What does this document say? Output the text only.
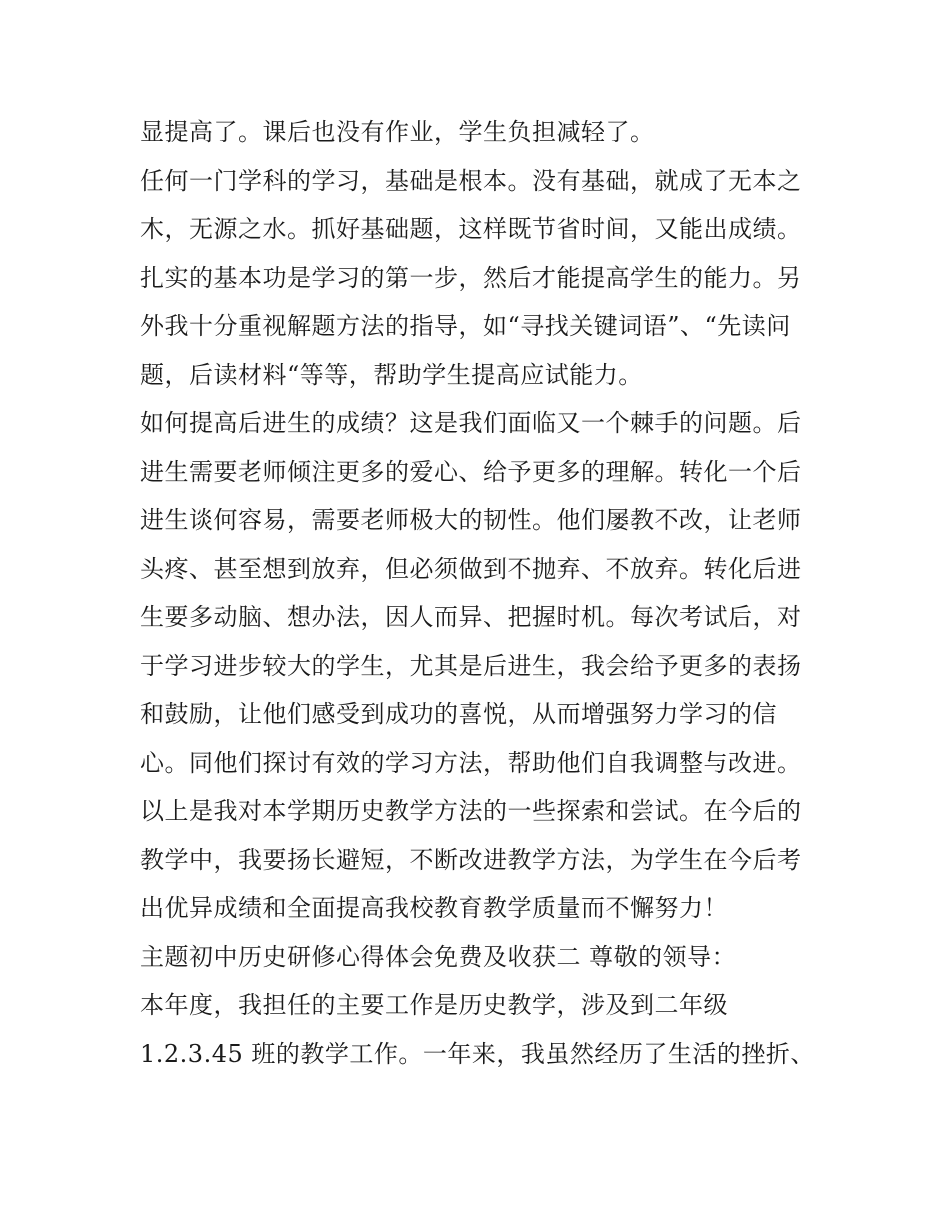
显提高了。课后也没有作业，学生负担减轻了。
任何一门学科的学习，基础是根本。没有基础，就成了无本之
木，无源之水。抓好基础题，这样既节省时间，又能出成绩。
扎实的基本功是学习的第一步，然后才能提高学生的能力。另
外我十分重视解题方法的指导，如“寻找关键词语”、“先读问
题，后读材料“等等，帮助学生提高应试能力。
如何提高后进生的成绩？这是我们面临又一个棘手的问题。后
进生需要老师倾注更多的爱心、给予更多的理解。转化一个后
进生谈何容易，需要老师极大的韧性。他们屡教不改，让老师
头疼、甚至想到放弃，但必须做到不抛弃、不放弃。转化后进
生要多动脑、想办法，因人而异、把握时机。每次考试后，对
于学习进步较大的学生，尤其是后进生，我会给予更多的表扬
和鼓励，让他们感受到成功的喜悦，从而增强努力学习的信
心。同他们探讨有效的学习方法，帮助他们自我调整与改进。
以上是我对本学期历史教学方法的一些探索和尝试。在今后的
教学中，我要扬长避短，不断改进教学方法，为学生在今后考
出优异成绩和全面提高我校教育教学质量而不懈努力！
主题初中历史研修心得体会免费及收获二 尊敬的领导：
本年度，我担任的主要工作是历史教学，涉及到二年级
1.2.3.45 班的教学工作。一年来，我虽然经历了生活的挫折、
